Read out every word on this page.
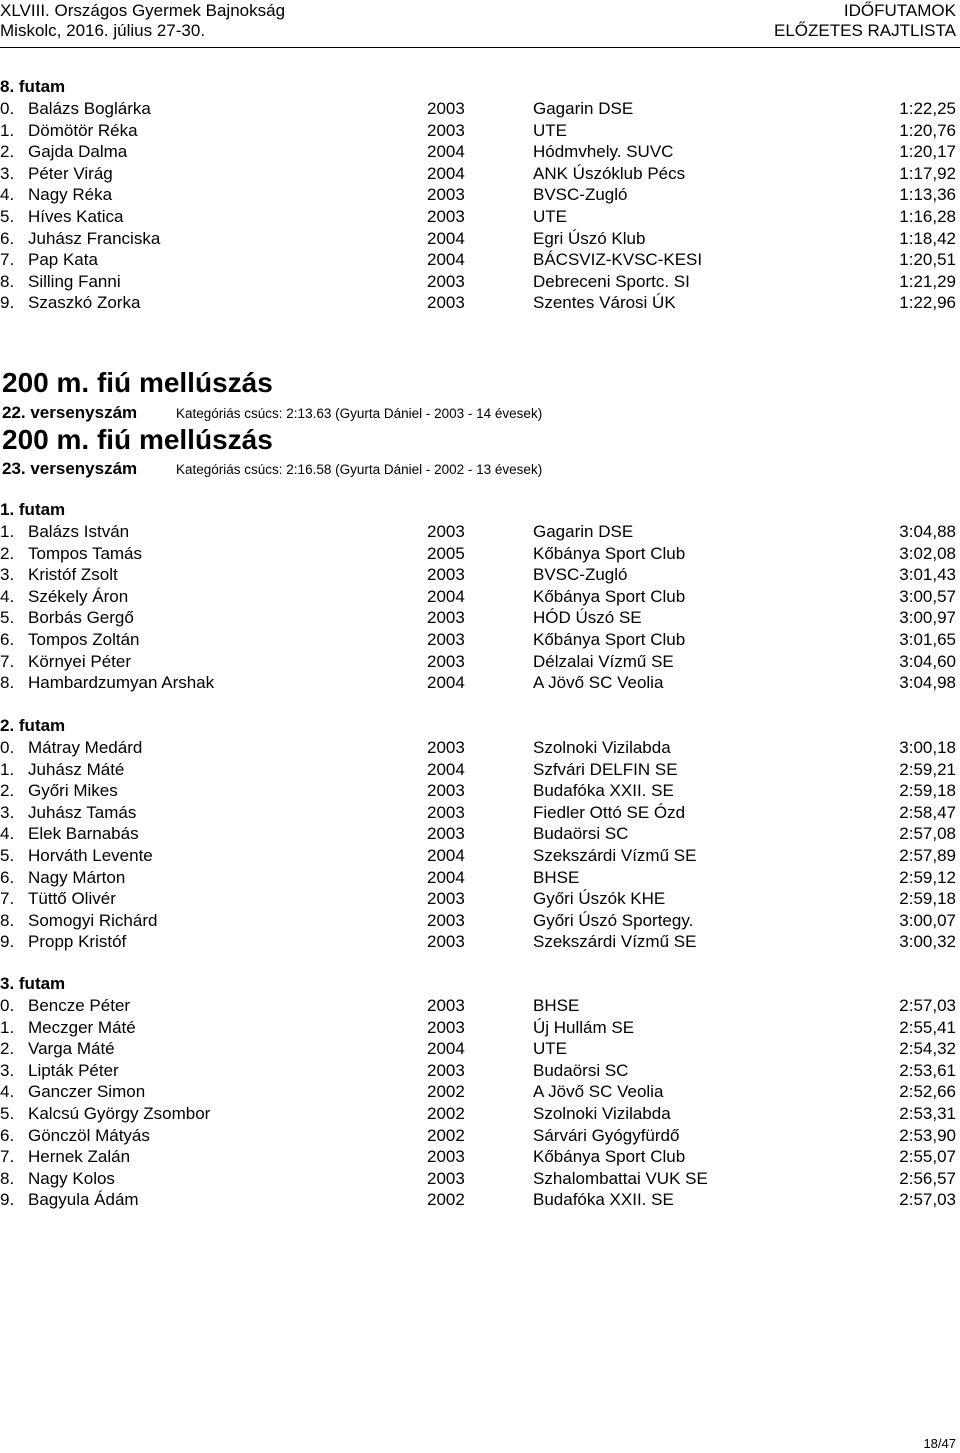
XLVIII. Országos Gyermek Bajnokság
Miskolc, 2016. július 27-30.
IDŐFUTAMOK
ELŐZETES RAJTLISTA
8. futam
0. Balázs Boglárka	2003	Gagarin DSE	1:22,25
1. Dömötör Réka	2003	UTE	1:20,76
2. Gajda Dalma	2004	Hódmvhely. SUVC	1:20,17
3. Péter Virág	2004	ANK Úszóklub Pécs	1:17,92
4. Nagy Réka	2003	BVSC-Zugló	1:13,36
5. Híves Katica	2003	UTE	1:16,28
6. Juhász Franciska	2004	Egri Úszó Klub	1:18,42
7. Pap Kata	2004	BÁCSVIZ-KVSC-KESI	1:20,51
8. Silling Fanni	2003	Debreceni Sportc. SI	1:21,29
9. Szaszkó Zorka	2003	Szentes Városi ÚK	1:22,96
200 m. fiú mellúszás
22. versenyszám	Kategóriás csúcs: 2:13.63 (Gyurta Dániel - 2003 - 14 évesek)
200 m. fiú mellúszás
23. versenyszám	Kategóriás csúcs: 2:16.58 (Gyurta Dániel - 2002 - 13 évesek)
1. futam
1. Balázs István	2003	Gagarin DSE	3:04,88
2. Tompos Tamás	2005	Kőbánya Sport Club	3:02,08
3. Kristóf Zsolt	2003	BVSC-Zugló	3:01,43
4. Székely Áron	2004	Kőbánya Sport Club	3:00,57
5. Borbás Gergő	2003	HÓD Úszó SE	3:00,97
6. Tompos Zoltán	2003	Kőbánya Sport Club	3:01,65
7. Környei Péter	2003	Délzalai Vízmű SE	3:04,60
8. Hambardzumyan Arshak	2004	A Jövő SC Veolia	3:04,98
2. futam
0. Mátray Medárd	2003	Szolnoki Vizilabda	3:00,18
1. Juhász Máté	2004	Szfvári DELFIN SE	2:59,21
2. Győri Mikes	2003	Budafóka XXII. SE	2:59,18
3. Juhász Tamás	2003	Fiedler Ottó SE Ózd	2:58,47
4. Elek Barnabás	2003	Budaörsi SC	2:57,08
5. Horváth Levente	2004	Szekszárdi Vízmű SE	2:57,89
6. Nagy Márton	2004	BHSE	2:59,12
7. Tüttő Olivér	2003	Győri Úszók KHE	2:59,18
8. Somogyi Richárd	2003	Győri Úszó Sportegy.	3:00,07
9. Propp Kristóf	2003	Szekszárdi Vízmű SE	3:00,32
3. futam
0. Bencze Péter	2003	BHSE	2:57,03
1. Meczger Máté	2003	Új Hullám SE	2:55,41
2. Varga Máté	2004	UTE	2:54,32
3. Lipták Péter	2003	Budaörsi SC	2:53,61
4. Ganczer Simon	2002	A Jövő SC Veolia	2:52,66
5. Kalcsú György Zsombor	2002	Szolnoki Vizilabda	2:53,31
6. Gönczöl Mátyás	2002	Sárvári Gyógyfürdő	2:53,90
7. Hernek Zalán	2003	Kőbánya Sport Club	2:55,07
8. Nagy Kolos	2003	Szhalombattai VUK SE	2:56,57
9. Bagyula Ádám	2002	Budafóka XXII. SE	2:57,03
18/47
